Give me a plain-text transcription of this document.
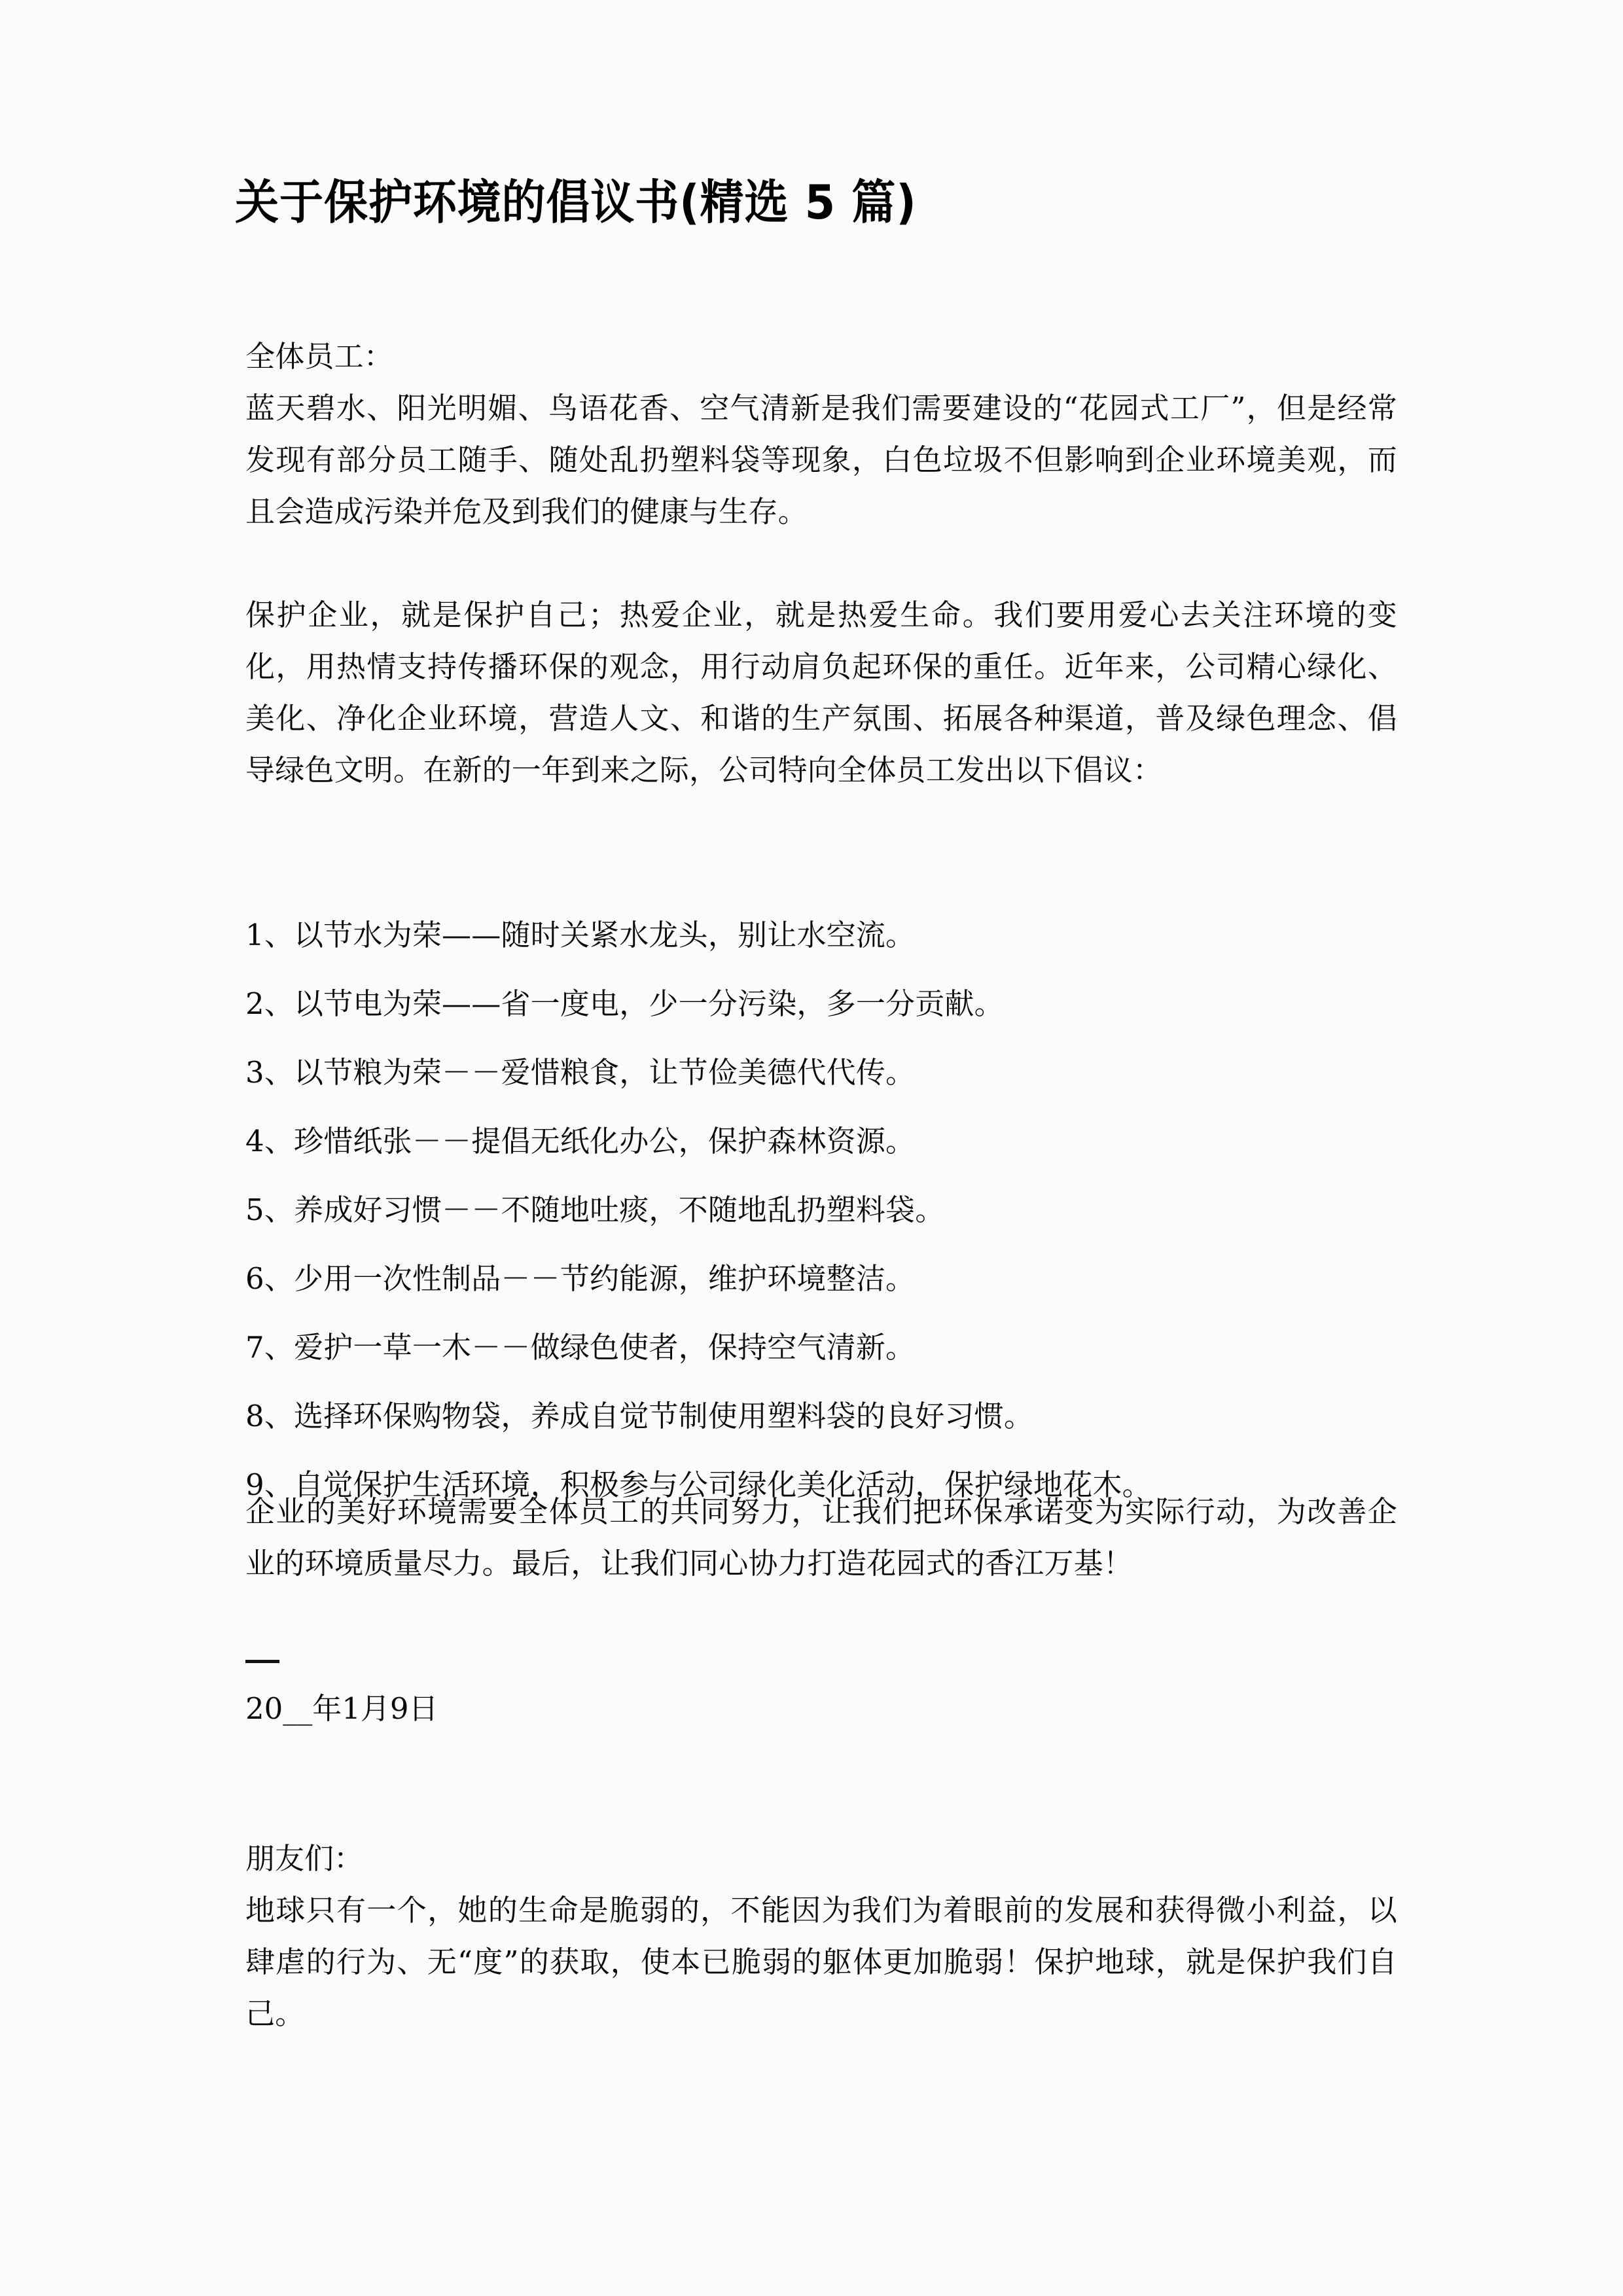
关于保护环境的倡议书(精选 5 篇)

全体员工：

蓝天碧水、阳光明媚、鸟语花香、空气清新是我们需要建设的“花园式工厂”，但是经常发现有部分员工随手、随处乱扔塑料袋等现象，白色垃圾不但影响到企业环境美观，而且会造成污染并危及到我们的健康与生存。

保护企业，就是保护自己；热爱企业，就是热爱生命。我们要用爱心去关注环境的变化，用热情支持传播环保的观念，用行动肩负起环保的重任。近年来，公司精心绿化、美化、净化企业环境，营造人文、和谐的生产氛围、拓展各种渠道，普及绿色理念、倡导绿色文明。在新的一年到来之际，公司特向全体员工发出以下倡议：

1、以节水为荣——随时关紧水龙头，别让水空流。

2、以节电为荣——省一度电，少一分污染，多一分贡献。

3、以节粮为荣－－爱惜粮食，让节俭美德代代传。

4、珍惜纸张－－提倡无纸化办公，保护森林资源。

5、养成好习惯－－不随地吐痰，不随地乱扔塑料袋。

6、少用一次性制品－－节约能源，维护环境整洁。

7、爱护一草一木－－做绿色使者，保持空气清新。

8、选择环保购物袋，养成自觉节制使用塑料袋的良好习惯。

9、自觉保护生活环境，积极参与公司绿化美化活动，保护绿地花木。

企业的美好环境需要全体员工的共同努力，让我们把环保承诺变为实际行动，为改善企业的环境质量尽力。最后，让我们同心协力打造花园式的香江万基！

20__年1月9日

朋友们：

地球只有一个，她的生命是脆弱的，不能因为我们为着眼前的发展和获得微小利益，以肆虐的行为、无“度”的获取，使本已脆弱的躯体更加脆弱！保护地球，就是保护我们自己。
